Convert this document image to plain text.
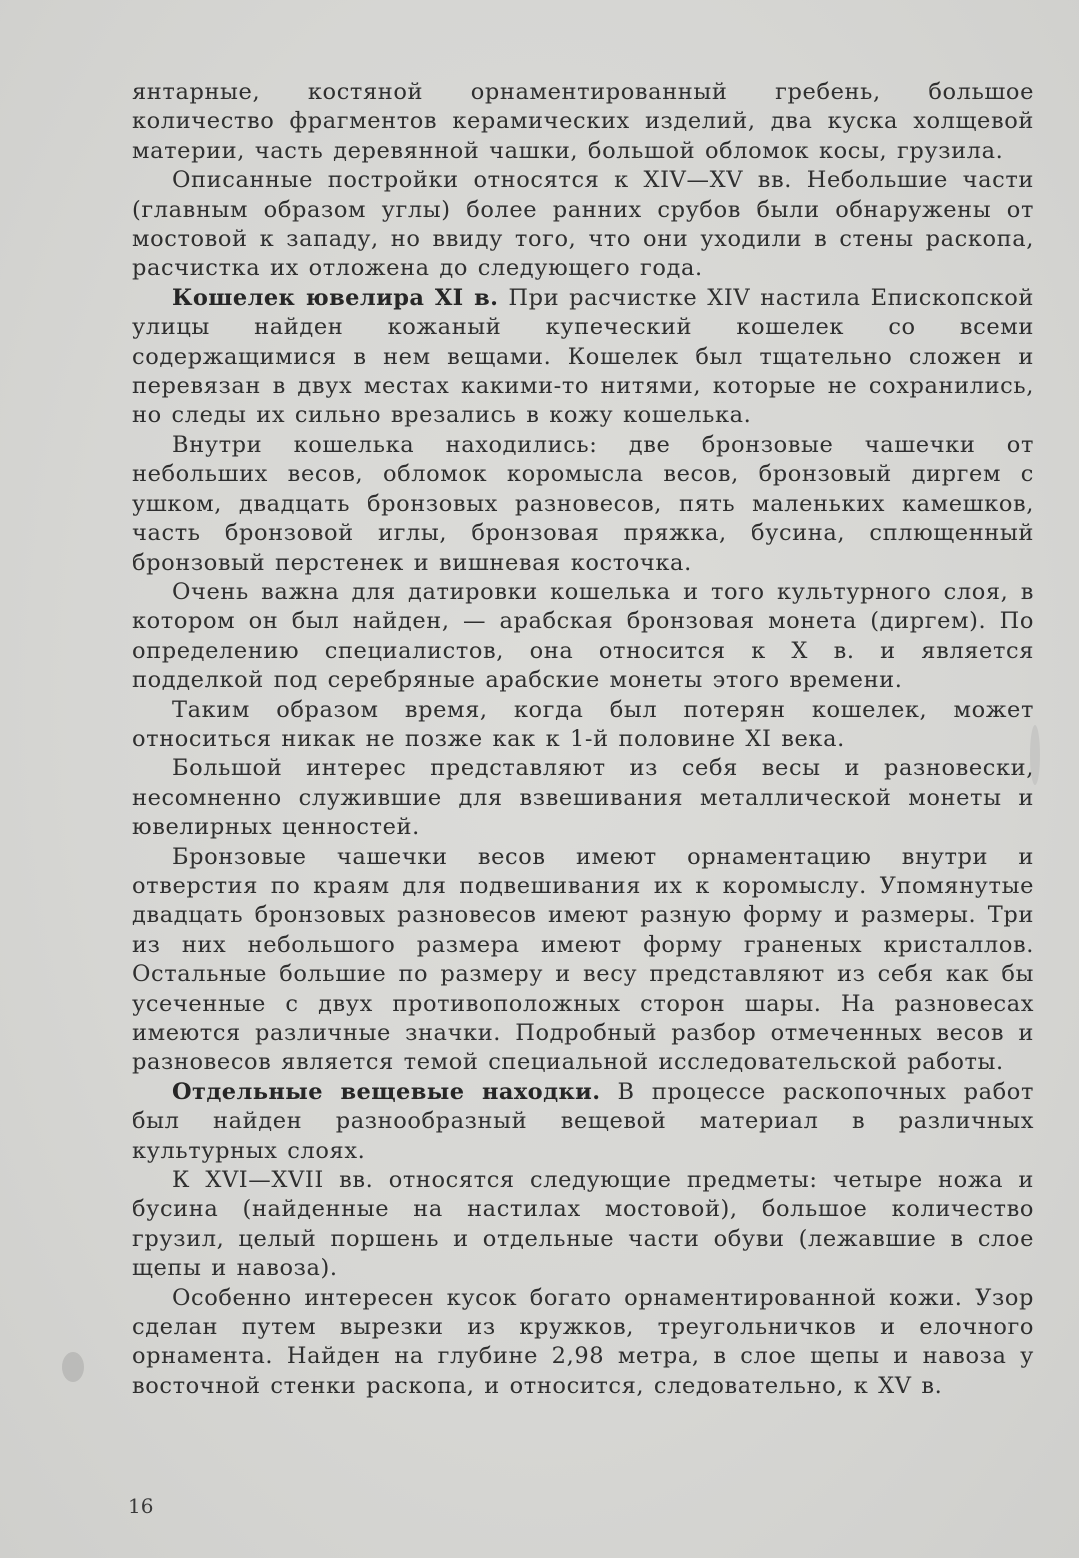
янтарные, костяной орнаментированный гребень, большое количество фрагментов керамических изделий, два куска холщевой материи, часть деревянной чашки, большой обломок косы, грузила.

Описанные постройки относятся к XIV—XV вв. Небольшие части (главным образом углы) более ранних срубов были обнаружены от мостовой к западу, но ввиду того, что они уходили в стены раскопа, расчистка их отложена до следующего года.

Кошелек ювелира XI в. При расчистке XIV настила Епископской улицы найден кожаный купеческий кошелек со всеми содержащимися в нем вещами. Кошелек был тщательно сложен и перевязан в двух местах какими-то нитями, которые не сохранились, но следы их сильно врезались в кожу кошелька.

Внутри кошелька находились: две бронзовые чашечки от небольших весов, обломок коромысла весов, бронзовый диргем с ушком, двадцать бронзовых разновесов, пять маленьких камешков, часть бронзовой иглы, бронзовая пряжка, бусина, сплющенный бронзовый перстенек и вишневая косточка.

Очень важна для датировки кошелька и того культурного слоя, в котором он был найден, — арабская бронзовая монета (диргем). По определению специалистов, она относится к X в. и является подделкой под серебряные арабские монеты этого времени.

Таким образом время, когда был потерян кошелек, может относиться никак не позже как к 1-й половине XI века.

Большой интерес представляют из себя весы и разновески, несомненно служившие для взвешивания металлической монеты и ювелирных ценностей.

Бронзовые чашечки весов имеют орнаментацию внутри и отверстия по краям для подвешивания их к коромыслу. Упомянутые двадцать бронзовых разновесов имеют разную форму и размеры. Три из них небольшого размера имеют форму граненых кристаллов. Остальные большие по размеру и весу представляют из себя как бы усеченные с двух противоположных сторон шары. На разновесах имеются различные значки. Подробный разбор отмеченных весов и разновесов является темой специальной исследовательской работы.

Отдельные вещевые находки. В процессе раскопочных работ был найден разнообразный вещевой материал в различных культурных слоях.

К XVI—XVII вв. относятся следующие предметы: четыре ножа и бусина (найденные на настилах мостовой), большое количество грузил, целый поршень и отдельные части обуви (лежавшие в слое щепы и навоза).

Особенно интересен кусок богато орнаментированной кожи. Узор сделан путем вырезки из кружков, треугольничков и елочного орнамента. Найден на глубине 2,98 метра, в слое щепы и навоза у восточной стенки раскопа, и относится, следовательно, к XV в.

16
